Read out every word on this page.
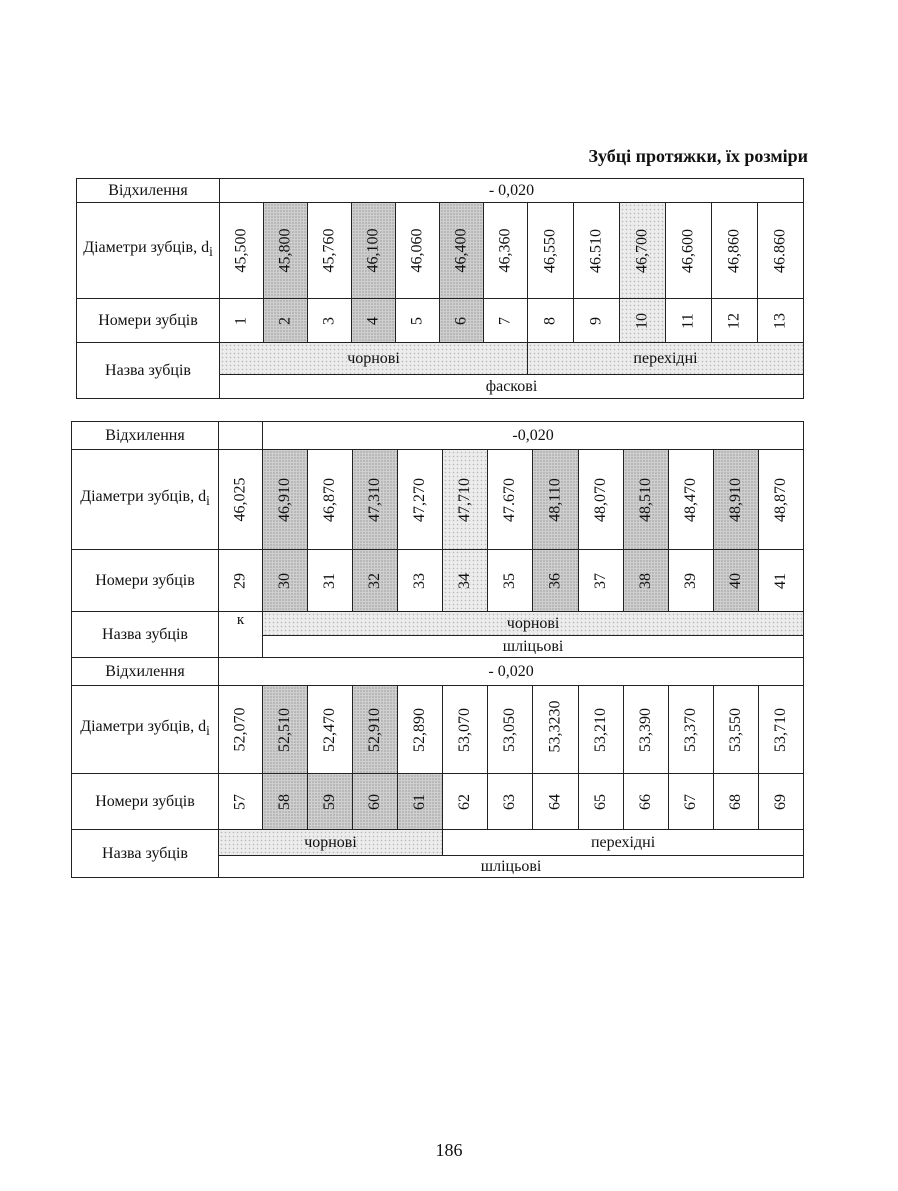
Зубці протяжки, їх розміри
Відхилення	- 0,020												
Діаметри зубців, $d_i$	45,500	45,800	45,760	46,100	46,060	46,400	46,360	46,550	46.510	46,700	46,600	46,860	46.860

Номери зубців	1	2	3	4	5	6	7	8	9	10	11	12	13

Назва зубців	чорнові							перехідні					
	фаскові												
Відхилення		-0,020											
Діаметри зубців, $d_i$	46,025	46,910	46,870	47,310	47,270	47,710	47.670	48,110	48,070	48,510	48,470	48,910	48,870

Номери зубців	29	30	31	32	33	34	35	36	37	38	39	40	41

Назва зубців	к	чорнові											
		шліцьові											
Відхилення	- 0,020												
Діаметри зубців, $d_i$	52,070	52,510	52,470	52,910	52,890	53,070	53,050	53,3230	53,210	53,390	53,370	53,550	53,710

Номери зубців	57	58	59	60	61	62	63	64	65	66	67	68	69

Назва зубців	чорнові					перехідні							
	шліцьові												
186
